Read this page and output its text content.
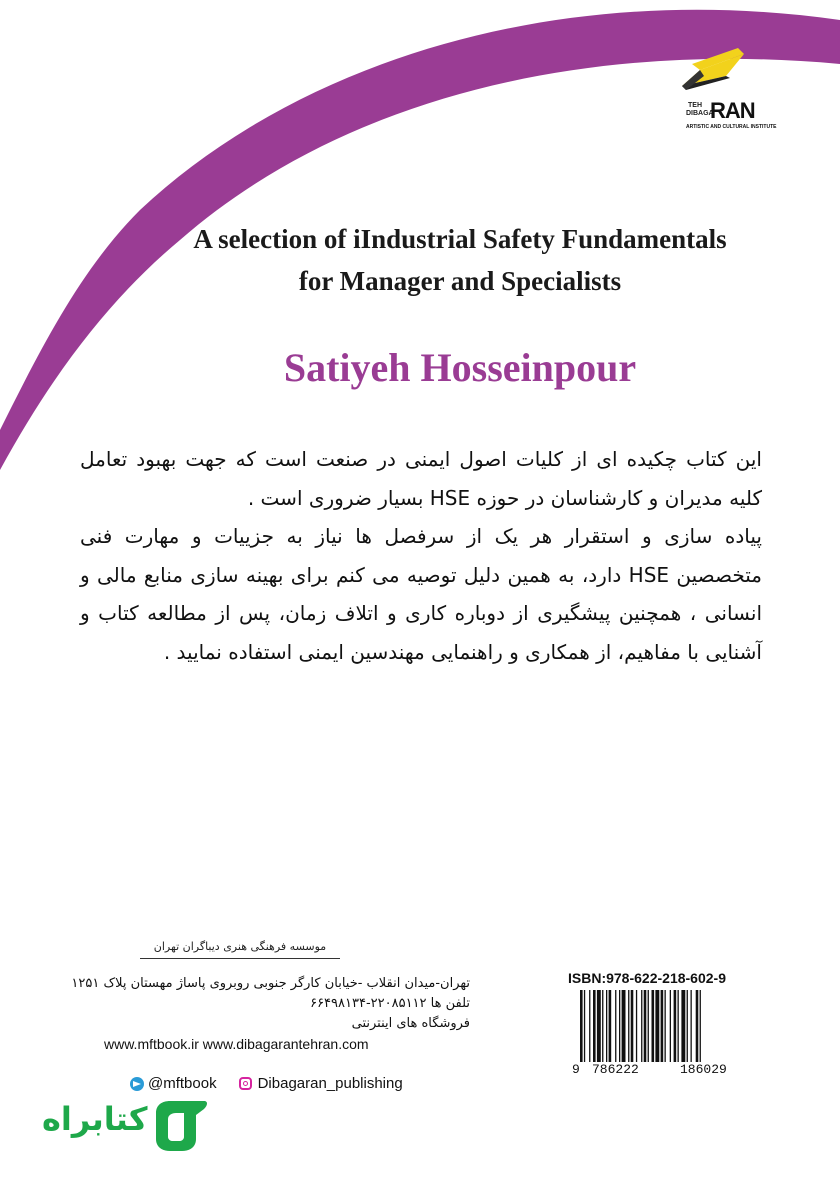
TEH
DIBAGA
RAN
ARTISTIC AND CULTURAL INSTITUTE
A selection of iIndustrial Safety Fundamentals
for Manager and Specialists
Satiyeh Hosseinpour

این کتاب چکیده ای از کلیات اصول ایمنی در صنعت است که جهت بهبود تعامل کلیه مدیران و کارشناسان در حوزه HSE بسیار ضروری است .

پیاده سازی و استقرار هر یک از سرفصل ها نیاز به جزییات و مهارت فنی متخصصین HSE دارد، به همین دلیل توصیه می کنم برای بهینه سازی منابع مالی و انسانی ، همچنین پیشگیری از دوباره کاری و اتلاف زمان، پس از مطالعه کتاب و آشنایی با مفاهیم، از همکاری و راهنمایی مهندسین ایمنی استفاده نمایید .

موسسه فرهنگی هنری دیباگران تهران
تهران-میدان انقلاب -خیابان کارگر جنوبی روبروی پاساژ مهستان پلاک ۱۲۵۱
تلفن ها ۲۲۰۸۵۱۱۲-۶۶۴۹۸۱۳۴
فروشگاه های اینترنتی
www.mftbook.ir www.dibagarantehran.com
@mftbook	Dibagaran_publishing
کتابراه
ISBN:978-622-218-602-9
9 786222	186029
